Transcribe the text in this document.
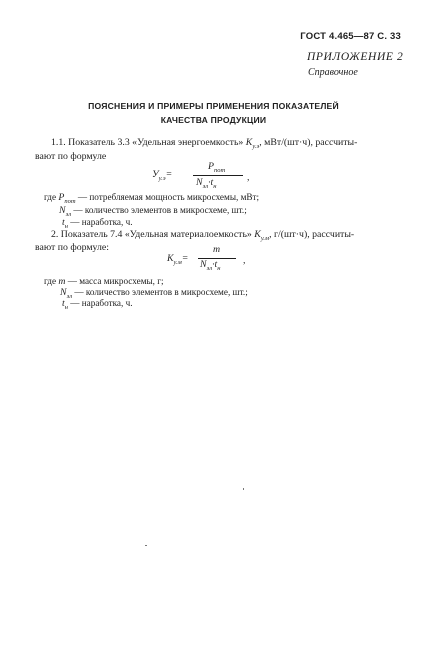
ГОСТ 4.465—87 С. 33
ПРИЛОЖЕНИЕ 2
Справочное
ПОЯСНЕНИЯ И ПРИМЕРЫ ПРИМЕНЕНИЯ ПОКАЗАТЕЛЕЙ
КАЧЕСТВА ПРОДУКЦИИ
1.1. Показатель 3.3 «Удельная энергоемкость» $K_{у.э}$, мВт/(шт·ч), рассчиты-
вают по формуле
$У_{у.э}=$
$P_{пот}$
$N_{эл}\cdot t_н$
,
где $P_{пот}$ — потребляемая мощность микросхемы, мВт;
$N_{эл}$ — количество элементов в микросхеме, шт.;
$t_н$ — наработка, ч.
2. Показатель 7.4 «Удельная материалоемкость» $K_{у.м}$, г/(шт·ч), рассчиты-
вают по формуле:
$K_{у.м}=$
m
$N_{эл}\cdot t_н$
,
где m — масса микросхемы, г;
$N_{эл}$ — количество элементов в микросхеме, шт.;
$t_н$ — наработка, ч.
